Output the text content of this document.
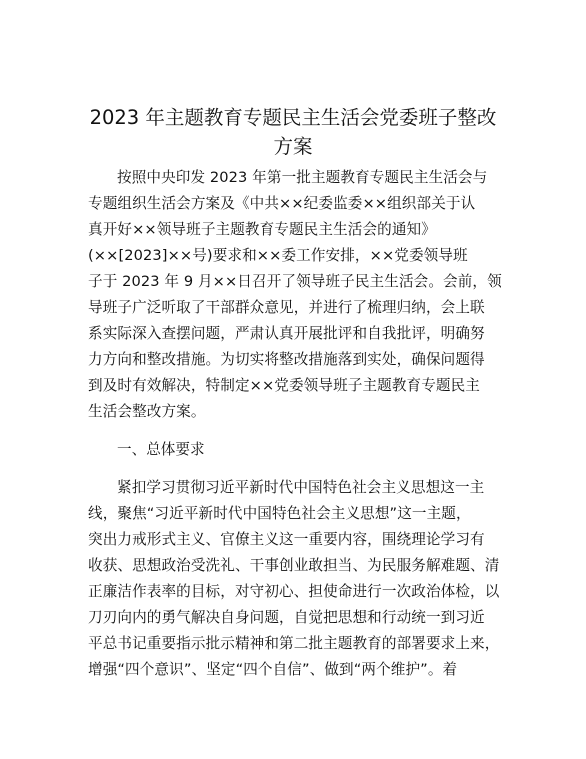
2023 年主题教育专题民主生活会党委班子整改
方案
按照中央印发 2023 年第一批主题教育专题民主生活会与
专题组织生活会方案及《中共××纪委监委××组织部关于认
真开好××领导班子主题教育专题民主生活会的通知》
(××[2023]××号)要求和××委工作安排，××党委领导班
子于 2023 年 9 月××日召开了领导班子民主生活会。会前，领
导班子广泛听取了干部群众意见，并进行了梳理归纳，会上联
系实际深入查摆问题，严肃认真开展批评和自我批评，明确努
力方向和整改措施。为切实将整改措施落到实处，确保问题得
到及时有效解决，特制定××党委领导班子主题教育专题民主
生活会整改方案。
一、总体要求
紧扣学习贯彻习近平新时代中国特色社会主义思想这一主
线，聚焦“习近平新时代中国特色社会主义思想”这一主题，
突出力戒形式主义、官僚主义这一重要内容，围绕理论学习有
收获、思想政治受洗礼、干事创业敢担当、为民服务解难题、清
正廉洁作表率的目标，对守初心、担使命进行一次政治体检，以
刀刃向内的勇气解决自身问题，自觉把思想和行动统一到习近
平总书记重要指示批示精神和第二批主题教育的部署要求上来，
增强“四个意识”、坚定“四个自信”、做到“两个维护”。着
